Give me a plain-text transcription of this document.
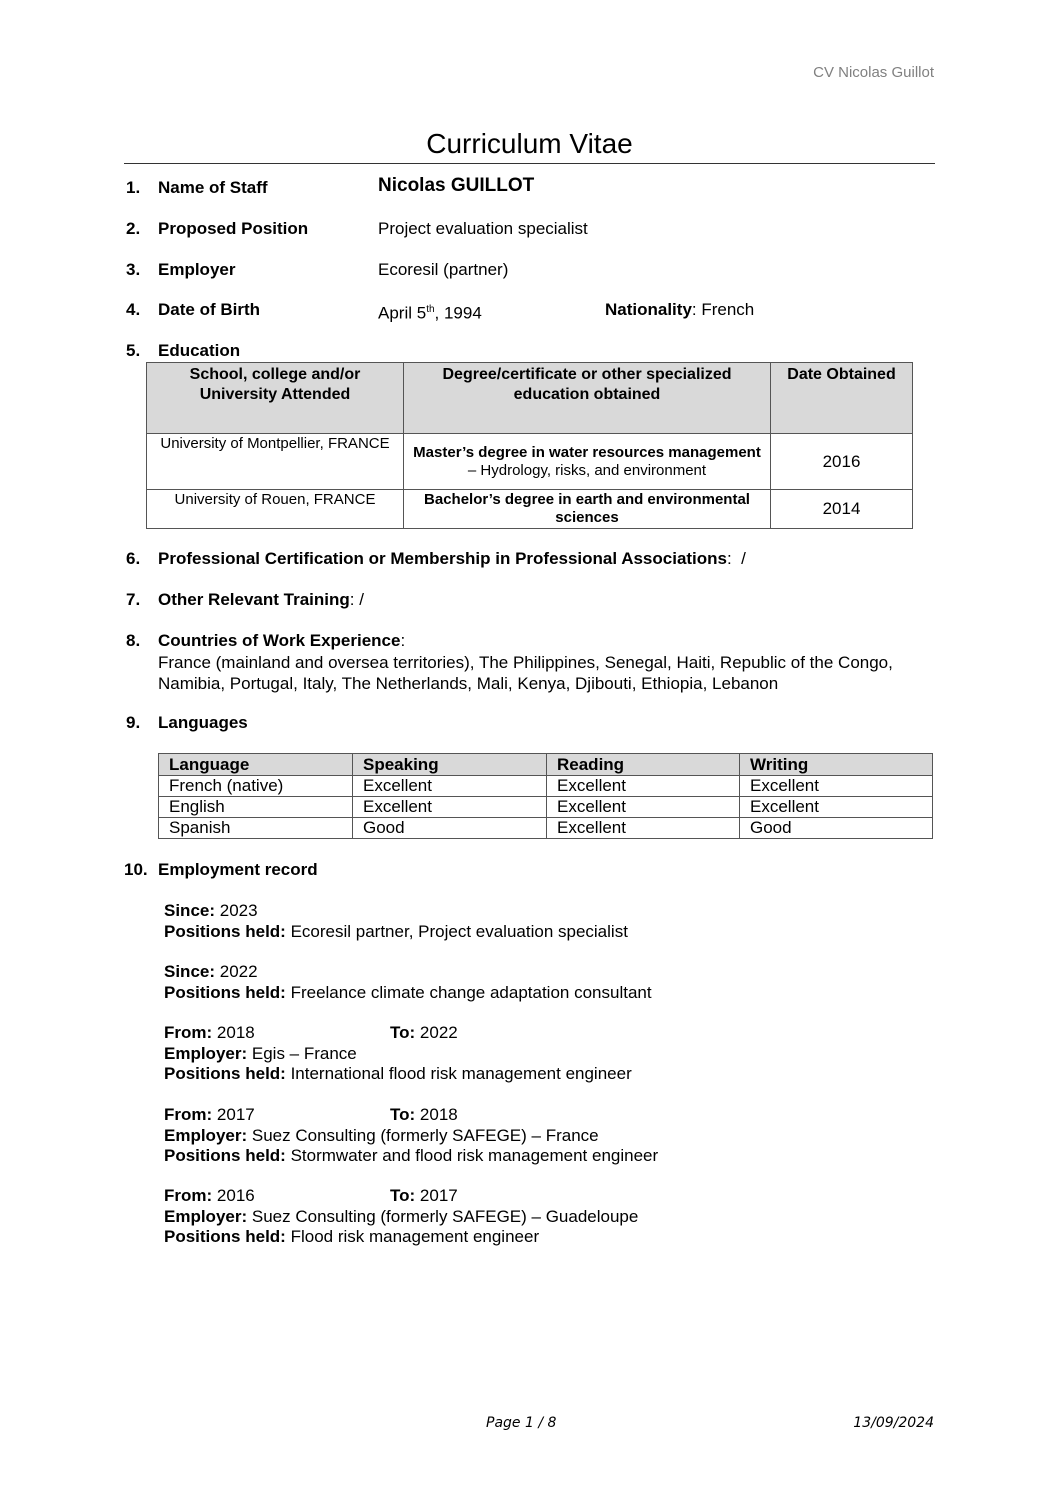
CV Nicolas Guillot
Curriculum Vitae
1. Name of Staff	Nicolas GUILLOT
2. Proposed Position	Project evaluation specialist
3. Employer	Ecoresil (partner)
4. Date of Birth	April 5th, 1994	Nationality: French
5. Education
School, college and/or University Attended	Degree/certificate or other specialized education obtained	Date Obtained
University of Montpellier, FRANCE	Master’s degree in water resources management – Hydrology, risks, and environment	2016
University of Rouen, FRANCE	Bachelor’s degree in earth and environmental sciences	2014
6. Professional Certification or Membership in Professional Associations:  /
7. Other Relevant Training: /
8. Countries of Work Experience:
France (mainland and oversea territories), The Philippines, Senegal, Haiti, Republic of the Congo, Namibia, Portugal, Italy, The Netherlands, Mali, Kenya, Djibouti, Ethiopia, Lebanon
9. Languages
Language	Speaking	Reading	Writing
French (native)	Excellent	Excellent	Excellent
English	Excellent	Excellent	Excellent
Spanish	Good	Excellent	Good
10. Employment record
Since: 2023
Positions held: Ecoresil partner, Project evaluation specialist
Since: 2022
Positions held: Freelance climate change adaptation consultant
From: 2018	To: 2022
Employer: Egis – France
Positions held: International flood risk management engineer
From: 2017	To: 2018
Employer: Suez Consulting (formerly SAFEGE) – France
Positions held: Stormwater and flood risk management engineer
From: 2016	To: 2017
Employer: Suez Consulting (formerly SAFEGE) – Guadeloupe
Positions held: Flood risk management engineer
Page 1 / 8	13/09/2024
